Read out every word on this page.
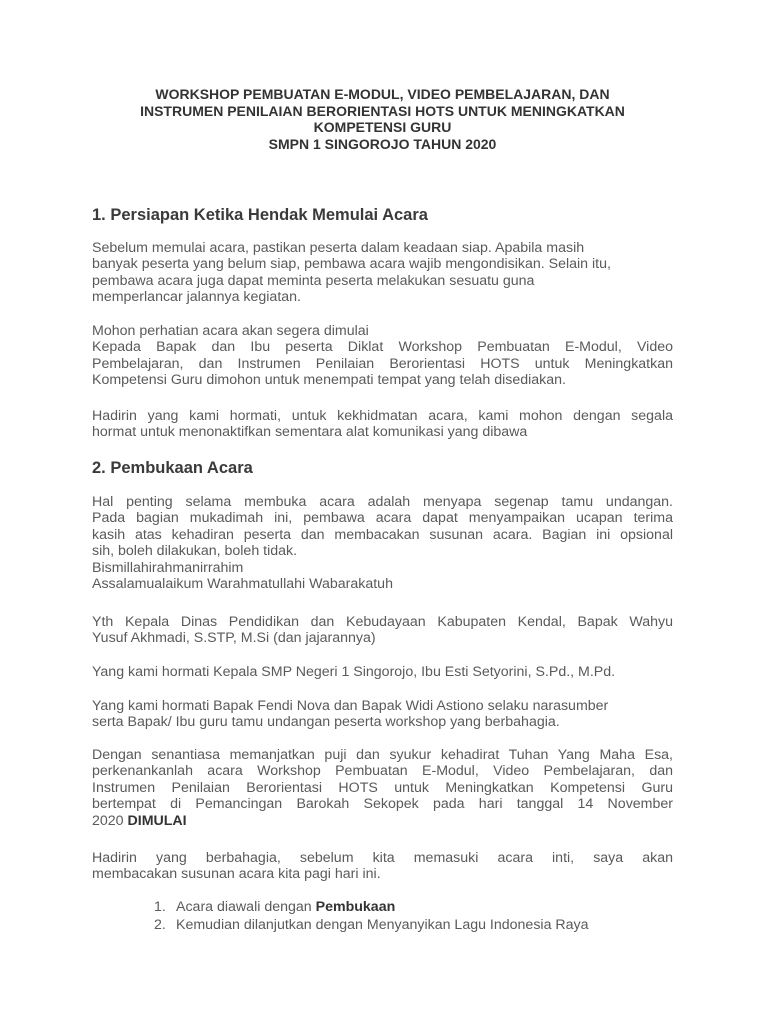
WORKSHOP PEMBUATAN E-MODUL, VIDEO PEMBELAJARAN, DAN
INSTRUMEN PENILAIAN BERORIENTASI HOTS UNTUK MENINGKATKAN
KOMPETENSI GURU
SMPN 1 SINGOROJO TAHUN 2020
1. Persiapan Ketika Hendak Memulai Acara
Sebelum memulai acara, pastikan peserta dalam keadaan siap. Apabila masih
banyak peserta yang belum siap, pembawa acara wajib mengondisikan. Selain itu,
pembawa acara juga dapat meminta peserta melakukan sesuatu guna
memperlancar jalannya kegiatan.
Mohon perhatian acara akan segera dimulai
Kepada Bapak dan Ibu peserta Diklat Workshop Pembuatan E-Modul, Video
Pembelajaran, dan Instrumen Penilaian Berorientasi HOTS untuk Meningkatkan
Kompetensi Guru dimohon untuk menempati tempat yang telah disediakan.
Hadirin yang kami hormati, untuk kekhidmatan acara, kami mohon dengan segala
hormat untuk menonaktifkan sementara alat komunikasi yang dibawa
2. Pembukaan Acara
Hal penting selama membuka acara adalah menyapa segenap tamu undangan.
Pada bagian mukadimah ini, pembawa acara dapat menyampaikan ucapan terima
kasih atas kehadiran peserta dan membacakan susunan acara. Bagian ini opsional
sih, boleh dilakukan, boleh tidak.
Bismillahirahmanirrahim
Assalamualaikum Warahmatullahi Wabarakatuh
Yth Kepala Dinas Pendidikan dan Kebudayaan Kabupaten Kendal, Bapak Wahyu
Yusuf Akhmadi, S.STP, M.Si (dan jajarannya)
Yang kami hormati Kepala SMP Negeri 1 Singorojo, Ibu Esti Setyorini, S.Pd., M.Pd.
Yang kami hormati Bapak Fendi Nova dan Bapak Widi Astiono selaku narasumber
serta Bapak/ Ibu guru tamu undangan peserta workshop yang berbahagia.
Dengan senantiasa memanjatkan puji dan syukur kehadirat Tuhan Yang Maha Esa,
perkenankanlah acara Workshop Pembuatan E-Modul, Video Pembelajaran, dan
Instrumen Penilaian Berorientasi HOTS untuk Meningkatkan Kompetensi Guru
bertempat di Pemancingan Barokah Sekopek pada hari tanggal 14 November
2020 DIMULAI
Hadirin yang berbahagia, sebelum kita memasuki acara inti, saya akan
membacakan susunan acara kita pagi hari ini.
1. Acara diawali dengan Pembukaan
2. Kemudian dilanjutkan dengan Menyanyikan Lagu Indonesia Raya
